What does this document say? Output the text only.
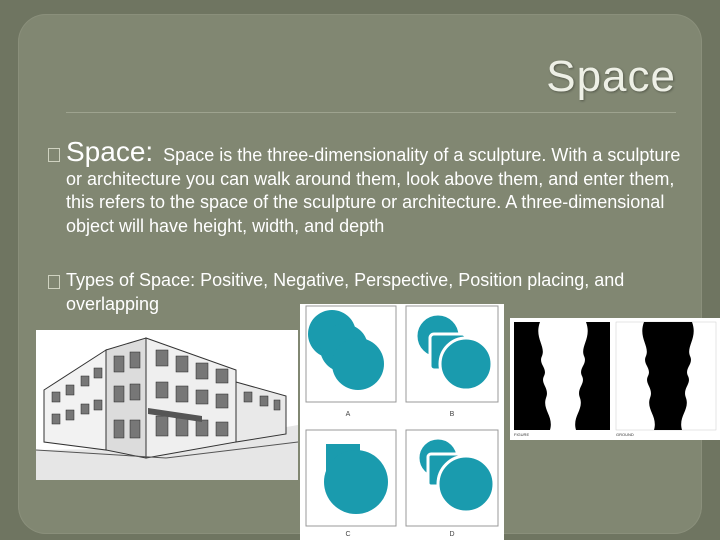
Space
Space: Space is the three-dimensionality of a sculpture. With a sculpture or architecture you can walk around them, look above them, and enter them, this refers to the space of the sculpture or architecture. A three-dimensional object will have height, width, and depth
Types of Space: Positive, Negative, Perspective, Position placing, and overlapping
A	B
C	D
FIGURE	GROUND
